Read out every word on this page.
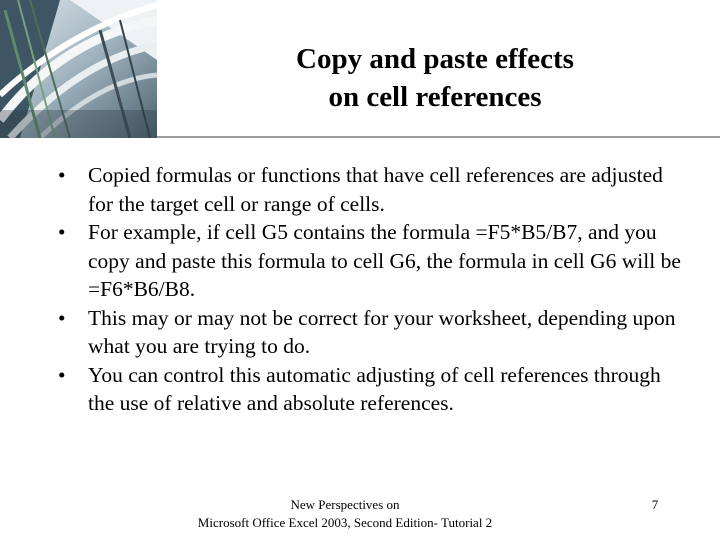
Copy and paste effects
on cell references
• Copied formulas or functions that have cell references are adjusted for the target cell or range of cells.
• For example, if cell G5 contains the formula =F5*B5/B7, and you copy and paste this formula to cell G6, the formula in cell G6 will be =F6*B6/B8.
• This may or may not be correct for your worksheet, depending upon what you are trying to do.
• You can control this automatic adjusting of cell references through the use of relative and absolute references.
New Perspectives on
Microsoft Office Excel 2003, Second Edition- Tutorial 2
7
